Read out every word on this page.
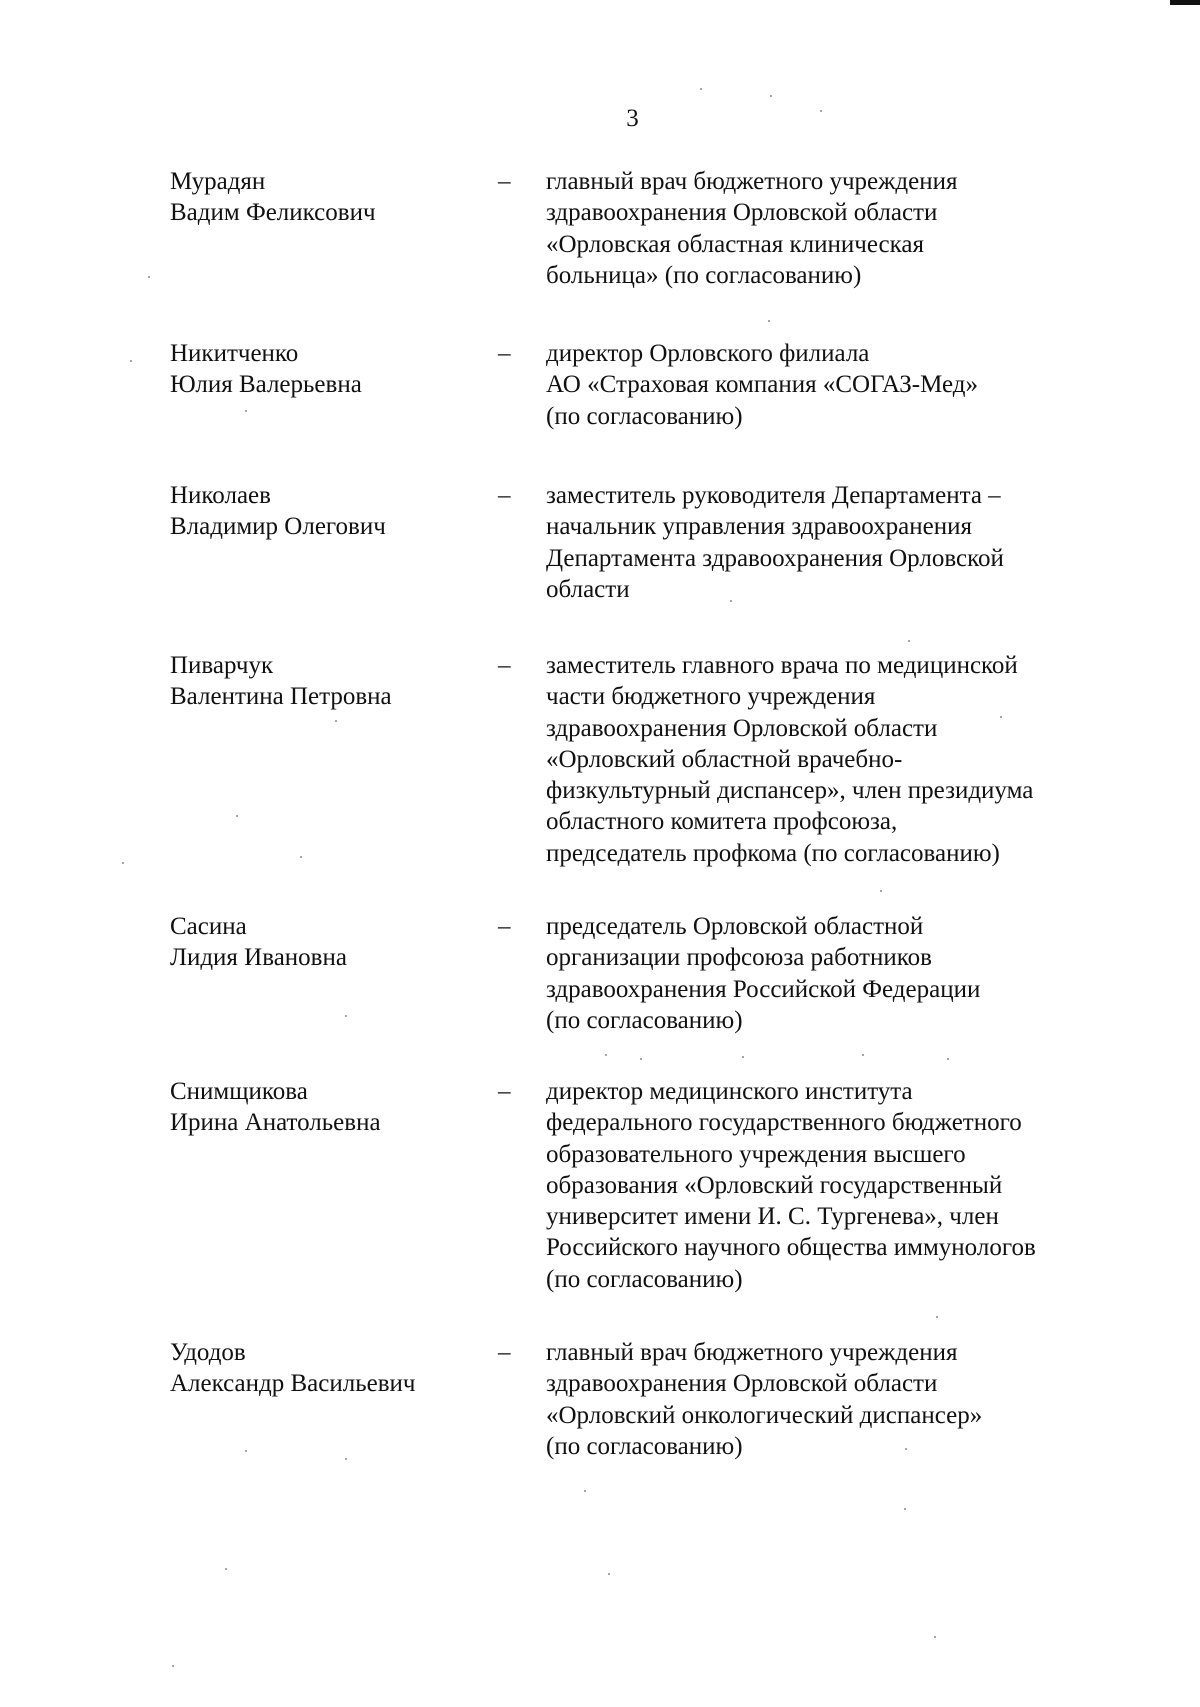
3
Мурадян
Вадим Феликсович
– главный врач бюджетного учреждения
здравоохранения Орловской области
«Орловская областная клиническая
больница» (по согласованию)
Никитченко
Юлия Валерьевна
– директор Орловского филиала
АО «Страховая компания «СОГАЗ-Мед»
(по согласованию)
Николаев
Владимир Олегович
– заместитель руководителя Департамента –
начальник управления здравоохранения
Департамента здравоохранения Орловской
области
Пиварчук
Валентина Петровна
– заместитель главного врача по медицинской
части бюджетного учреждения
здравоохранения Орловской области
«Орловский областной врачебно-
физкультурный диспансер», член президиума
областного комитета профсоюза,
председатель профкома (по согласованию)
Сасина
Лидия Ивановна
– председатель Орловской областной
организации профсоюза работников
здравоохранения Российской Федерации
(по согласованию)
Снимщикова
Ирина Анатольевна
– директор медицинского института
федерального государственного бюджетного
образовательного учреждения высшего
образования «Орловский государственный
университет имени И. С. Тургенева», член
Российского научного общества иммунологов
(по согласованию)
Удодов
Александр Васильевич
– главный врач бюджетного учреждения
здравоохранения Орловской области
«Орловский онкологический диспансер»
(по согласованию)
